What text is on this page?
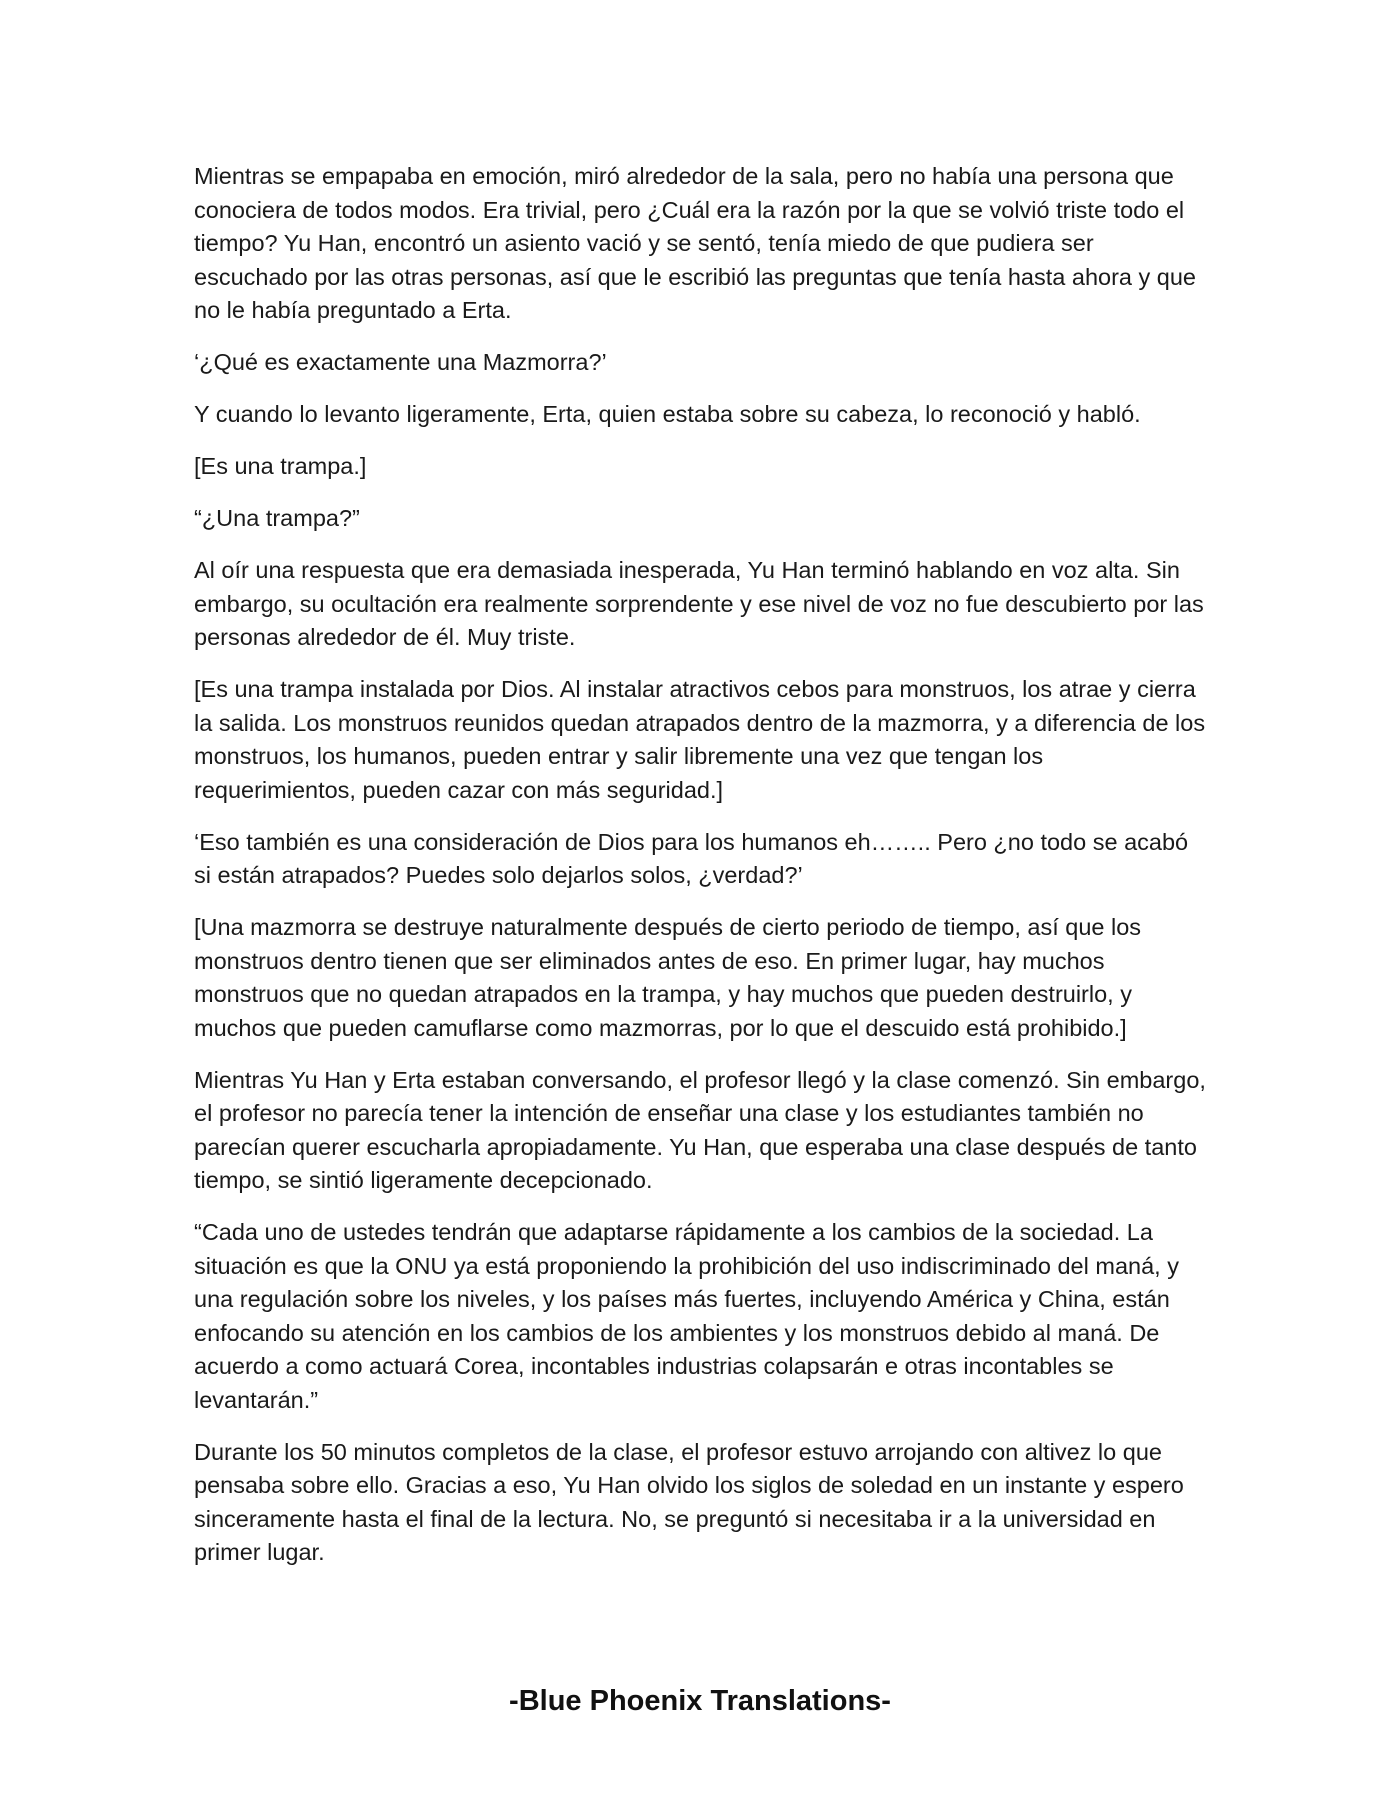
Mientras se empapaba en emoción, miró alrededor de la sala, pero no había una persona que conociera de todos modos. Era trivial, pero ¿Cuál era la razón por la que se volvió triste todo el tiempo? Yu Han, encontró un asiento vació y se sentó, tenía miedo de que pudiera ser escuchado por las otras personas, así que le escribió las preguntas que tenía hasta ahora y que no le había preguntado a Erta.

‘¿Qué es exactamente una Mazmorra?’

Y cuando lo levanto ligeramente, Erta, quien estaba sobre su cabeza, lo reconoció y habló.

[Es una trampa.]

“¿Una trampa?”

Al oír una respuesta que era demasiada inesperada, Yu Han terminó hablando en voz alta. Sin embargo, su ocultación era realmente sorprendente y ese nivel de voz no fue descubierto por las personas alrededor de él. Muy triste.

[Es una trampa instalada por Dios. Al instalar atractivos cebos para monstruos, los atrae y cierra la salida. Los monstruos reunidos quedan atrapados dentro de la mazmorra, y a diferencia de los monstruos, los humanos, pueden entrar y salir libremente una vez que tengan los requerimientos, pueden cazar con más seguridad.]

‘Eso también es una consideración de Dios para los humanos eh…….. Pero ¿no todo se acabó si están atrapados? Puedes solo dejarlos solos, ¿verdad?’

[Una mazmorra se destruye naturalmente después de cierto periodo de tiempo, así que los monstruos dentro tienen que ser eliminados antes de eso. En primer lugar, hay muchos monstruos que no quedan atrapados en la trampa, y hay muchos que pueden destruirlo, y muchos que pueden camuflarse como mazmorras, por lo que el descuido está prohibido.]

Mientras Yu Han y Erta estaban conversando, el profesor llegó y la clase comenzó. Sin embargo, el profesor no parecía tener la intención de enseñar una clase y los estudiantes también no parecían querer escucharla apropiadamente. Yu Han, que esperaba una clase después de tanto tiempo, se sintió ligeramente decepcionado.

“Cada uno de ustedes tendrán que adaptarse rápidamente a los cambios de la sociedad. La situación es que la ONU ya está proponiendo la prohibición del uso indiscriminado del maná, y una regulación sobre los niveles, y los países más fuertes, incluyendo América y China, están enfocando su atención en los cambios de los ambientes y los monstruos debido al maná. De acuerdo a como actuará Corea, incontables industrias colapsarán e otras incontables se levantarán.”

Durante los 50 minutos completos de la clase, el profesor estuvo arrojando con altivez lo que pensaba sobre ello. Gracias a eso, Yu Han olvido los siglos de soledad en un instante y espero sinceramente hasta el final de la lectura. No, se preguntó si necesitaba ir a la universidad en primer lugar.

-Blue Phoenix Translations-
